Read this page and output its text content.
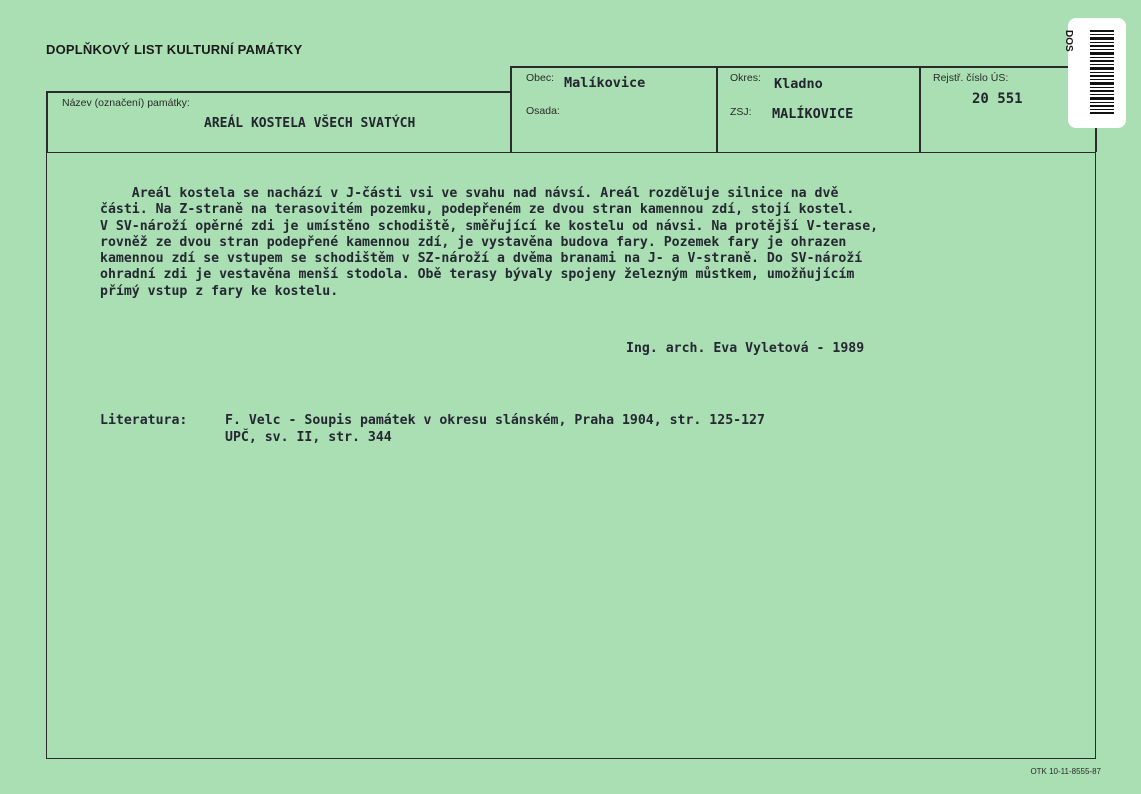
DOPLŇKOVÝ LIST KULTURNÍ PAMÁTKY
Název (označení) památky:
AREÁL KOSTELA VŠECH SVATÝCH
Obec: Malíkovice
Osada:
Okres: Kladno
ZSJ: MALÍKOVICE
Rejstř. číslo ÚS:
20 551
Areál kostela se nachází v J-části vsi ve svahu nad návsí. Areál rozděluje silnice na dvě
části. Na Z-straně na terasovitém pozemku, podepřeném ze dvou stran kamennou zdí, stojí kostel.
V SV-nároží opěrné zdi je umístěno schodiště, směřující ke kostelu od návsi. Na protější V-terase,
rovněž ze dvou stran podepřené kamennou zdí, je vystavěna budova fary. Pozemek fary je ohrazen
kamennou zdí se vstupem se schodištěm v SZ-nároží a dvěma branami na J- a V-straně. Do SV-nároží
ohradní zdi je vestavěna menší stodola. Obě terasy bývaly spojeny železným můstkem, umožňujícím
přímý vstup z fary ke kostelu.
Ing. arch. Eva Vyletová - 1989
Literatura:	F. Velc - Soupis památek v okresu slánském, Praha 1904, str. 125-127
UPČ, sv. II, str. 344
DOS
OTK 10-11-8555-87
